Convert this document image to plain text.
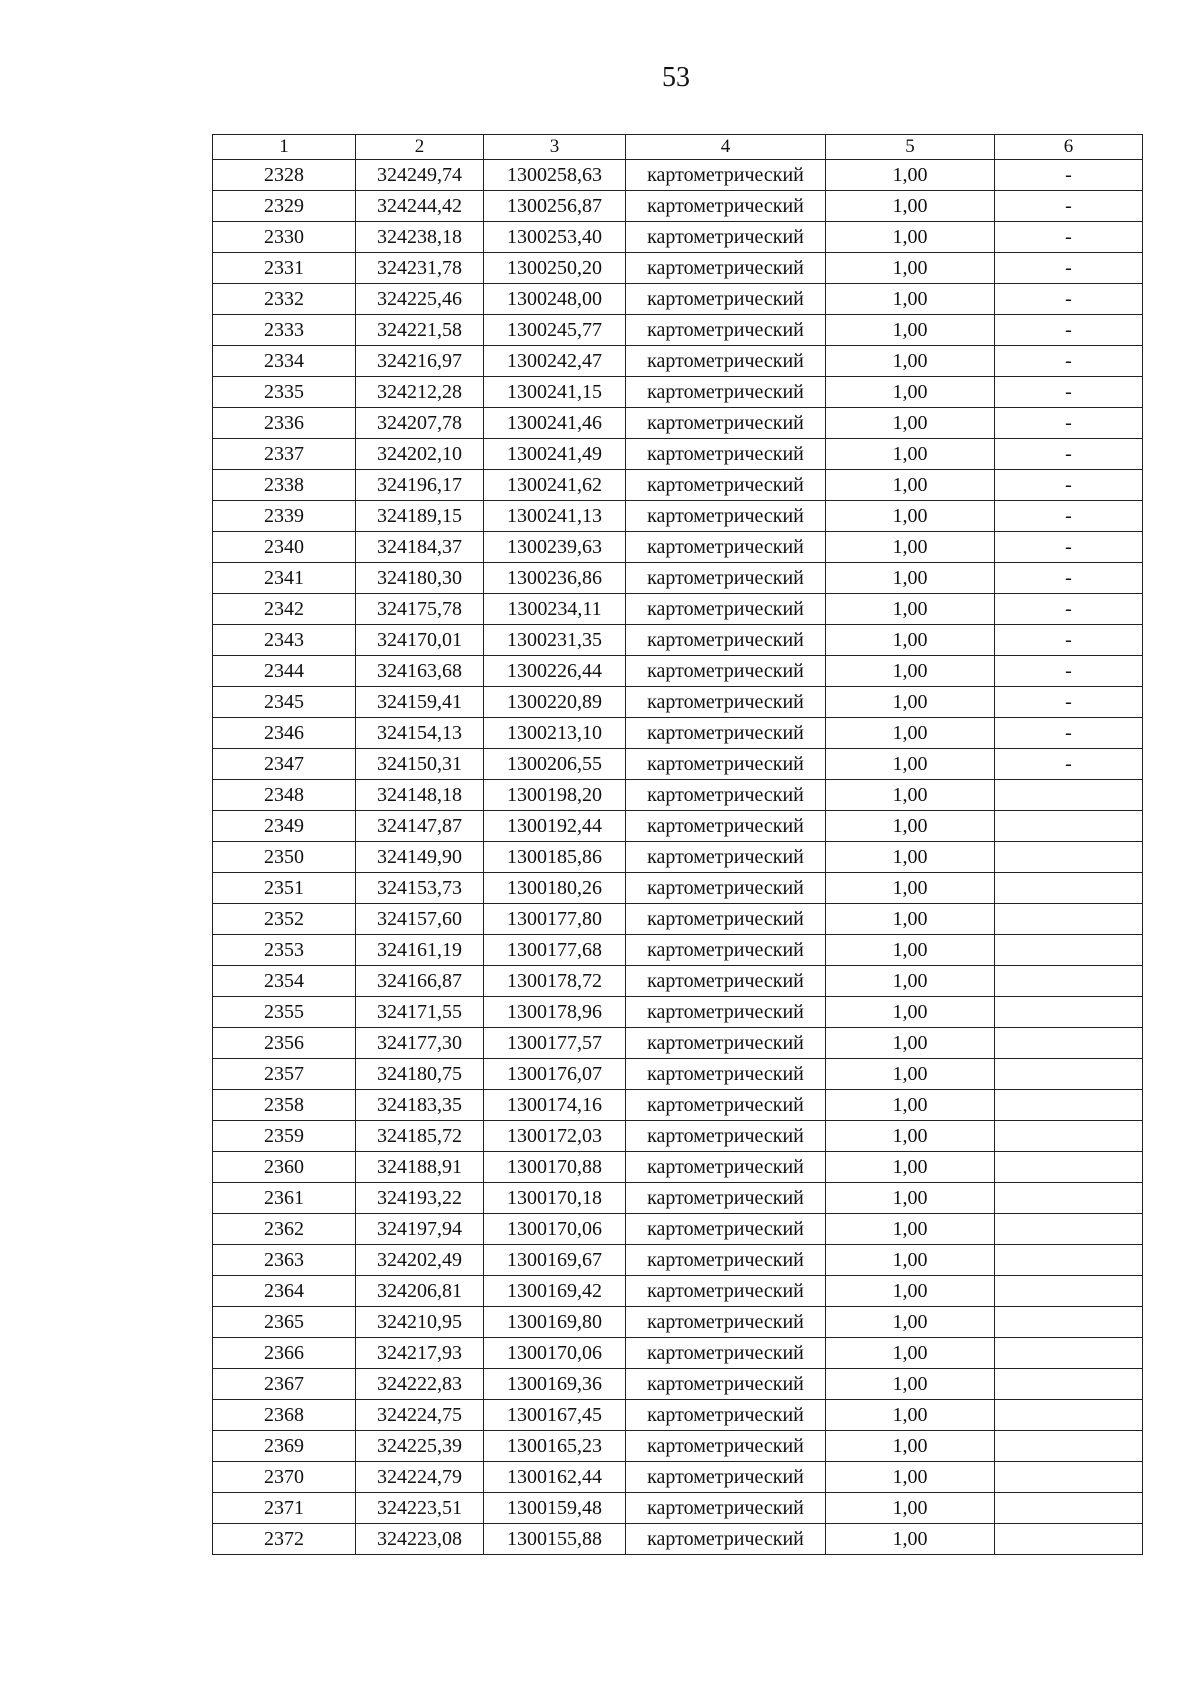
53
1	2	3	4	5	6
2328	324249,74	1300258,63	картометрический	1,00	-
2329	324244,42	1300256,87	картометрический	1,00	-
2330	324238,18	1300253,40	картометрический	1,00	-
2331	324231,78	1300250,20	картометрический	1,00	-
2332	324225,46	1300248,00	картометрический	1,00	-
2333	324221,58	1300245,77	картометрический	1,00	-
2334	324216,97	1300242,47	картометрический	1,00	-
2335	324212,28	1300241,15	картометрический	1,00	-
2336	324207,78	1300241,46	картометрический	1,00	-
2337	324202,10	1300241,49	картометрический	1,00	-
2338	324196,17	1300241,62	картометрический	1,00	-
2339	324189,15	1300241,13	картометрический	1,00	-
2340	324184,37	1300239,63	картометрический	1,00	-
2341	324180,30	1300236,86	картометрический	1,00	-
2342	324175,78	1300234,11	картометрический	1,00	-
2343	324170,01	1300231,35	картометрический	1,00	-
2344	324163,68	1300226,44	картометрический	1,00	-
2345	324159,41	1300220,89	картометрический	1,00	-
2346	324154,13	1300213,10	картометрический	1,00	-
2347	324150,31	1300206,55	картометрический	1,00	-
2348	324148,18	1300198,20	картометрический	1,00	
2349	324147,87	1300192,44	картометрический	1,00	
2350	324149,90	1300185,86	картометрический	1,00	
2351	324153,73	1300180,26	картометрический	1,00	
2352	324157,60	1300177,80	картометрический	1,00	
2353	324161,19	1300177,68	картометрический	1,00	
2354	324166,87	1300178,72	картометрический	1,00	
2355	324171,55	1300178,96	картометрический	1,00	
2356	324177,30	1300177,57	картометрический	1,00	
2357	324180,75	1300176,07	картометрический	1,00	
2358	324183,35	1300174,16	картометрический	1,00	
2359	324185,72	1300172,03	картометрический	1,00	
2360	324188,91	1300170,88	картометрический	1,00	
2361	324193,22	1300170,18	картометрический	1,00	
2362	324197,94	1300170,06	картометрический	1,00	
2363	324202,49	1300169,67	картометрический	1,00	
2364	324206,81	1300169,42	картометрический	1,00	
2365	324210,95	1300169,80	картометрический	1,00	
2366	324217,93	1300170,06	картометрический	1,00	
2367	324222,83	1300169,36	картометрический	1,00	
2368	324224,75	1300167,45	картометрический	1,00	
2369	324225,39	1300165,23	картометрический	1,00	
2370	324224,79	1300162,44	картометрический	1,00	
2371	324223,51	1300159,48	картометрический	1,00	
2372	324223,08	1300155,88	картометрический	1,00	
